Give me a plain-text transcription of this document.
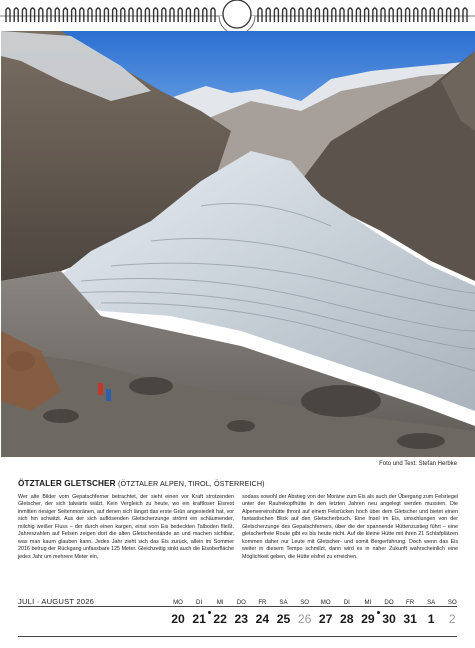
Foto und Text: Stefan Herbke
ÖTZTALER GLETSCHER (ÖTZTALER ALPEN, TIROL, ÖSTERREICH)
Wer alte Bilder vom Gepatschferner betrachtet, der sieht einen vor Kraft strotzenden Gletscher, der sich talwärts wälzt. Kein Vergleich zu heute, wo ein kraftloser Eisrest inmitten riesiger Seitenmoränen, auf denen sich längst das erste Grün angesiedelt hat, vor sich hin schwitzt. Aus der sich auflösenden Gletscherzunge strömt ein schäumender, milchig weißer Fluss – der durch einen kargen, einst vom Eis bedeckten Talboden fließt. Jahreszahlen auf Felsen zeigen dort die alten Gletscherstände an und machen sichtbar, was man kaum glauben kann. Jedes Jahr zieht sich das Eis zurück, allein im Sommer 2016 betrug der Rückgang unfassbare 125 Meter. Gleichzeitig sinkt auch die Eisoberfläche jedes Jahr um mehrere Meter ein,
sodass sowohl der Abstieg von der Moräne zum Eis als auch der Übergang zum Felsriegel unter der Rauhekopfhütte in den letzten Jahren neu angelegt werden mussten. Die Alpenvereinshütte thront auf einem Felsrücken hoch über dem Gletscher und bietet einen fantastischen Blick auf den Gletscherbruch. Eine Insel im Eis, umschlungen von der Gletscherzunge des Gepatschferners, über die der spannende Hüttenzustieg führt – eine gletscherfreie Route gibt es bis heute nicht. Auf die kleine Hütte mit ihren 21 Schlafplätzen kommen daher nur Leute mit Gletscher- und somit Bergerfahrung. Doch wenn das Eis weiter in diesem Tempo schmilzt, dann wird es in naher Zukunft wahrscheinlich eine Möglichkeit geben, die Hütte eisfrei zu erreichen.
JULI · AUGUST 2026	MO
20
DI
21
MI
22
DO
23
FR
24
SA
25
SO
26
MO
27
DI
28
MI
29
DO
30
FR
31
SA
1
SO
2
